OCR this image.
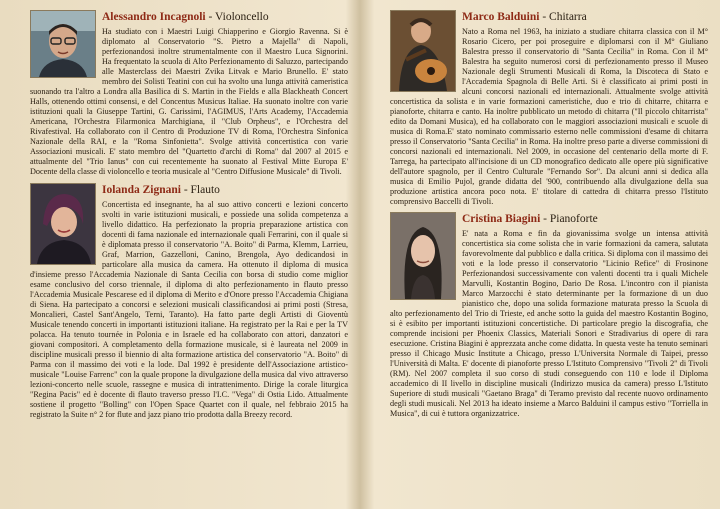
Alessandro Incagnoli - Violoncello

Ha studiato con i Maestri Luigi Chiapperino e Giorgio Ravenna. Si è diplomato al Conservatorio "S. Pietro a Majella" di Napoli, perfezionandosi inoltre strumentalmente con il Maestro Luca Signorini. Ha frequentato la scuola di Alto Perfezionamento di Saluzzo, partecipando alle Masterclass dei Maestri Zvika Litvak e Mario Brunello. E' stato membro dei Solisti Teatini con cui ha svolto una lunga attività cameristica suonando tra l'altro a Londra alla Basilica di S. Martin in the Fields e alla Blackheath Concert Halls, ottenendo ottimi consensi, e del Concentus Musicus Italiae. Ha suonato inoltre con varie istituzioni quali la Giuseppe Tartini, G. Carissimi, l'AGIMUS, l'Arts Academy, l'Accademia Americana, l'Orchestra Filarmonica Marchigiana, il "Club Orpheus", e l'Orchestra del Rivafestival. Ha collaborato con il Centro di Produzione TV di Roma, l'Orchestra Sinfonica Nazionale della RAI, e la "Roma Sinfonietta". Svolge attività concertistica con varie Associazioni musicali. E' stato membro del "Quartetto d'archi di Roma" dal 2007 al 2015 e attualmente del "Trio Ianus" con cui recentemente ha suonato al Festival Mitte Europa E' Docente della classe di violoncello e teoria musicale al "Centro Diffusione Musicale" di Tivoli.

Iolanda Zignani - Flauto

Concertista ed insegnante, ha al suo attivo concerti e lezioni concerto svolti in varie istituzioni musicali, e possiede una solida competenza a livello didattico. Ha perfezionato la propria preparazione artistica con docenti di fama nazionale ed internazionale quali Ferrarini, con il quale si è diplomata presso il conservatorio "A. Boito" di Parma, Klemm, Larrieu, Graf, Marrion, Gazzelloni, Canino, Brengola, Ayo dedicandosi in particolare alla musica da camera. Ha ottenuto il diploma di musica d'insieme presso l'Accademia Nazionale di Santa Cecilia con borsa di studio come miglior esame conclusivo del corso triennale, il diploma di alto perfezionamento in flauto presso l'Accademia Musicale Pescarese ed il diploma di Merito e d'Onore presso l'Accademia Chigiana di Siena. Ha partecipato a concorsi e selezioni musicali classificandosi ai primi posti (Stresa, Moncalieri, Castel Sant'Angelo, Terni, Taranto). Ha fatto parte degli Artisti di Gioventù Musicale tenendo concerti in importanti istituzioni italiane. Ha registrato per la Rai e per la TV polacca. Ha tenuto tournée in Polonia e in Israele ed ha collaborato con attori, danzatori e giovani compositori. A completamento della formazione musicale, si è laureata nel 2009 in discipline musicali presso il biennio di alta formazione artistica del conservatorio "A. Boito" di Parma con il massimo dei voti e la lode. Dal 1992 è presidente dell'Associazione artistico-musicale "Louise Farrenc" con la quale propone la divulgazione della musica dal vivo attraverso lezioni-concerto nelle scuole, rassegne e musica di intrattenimento. Dirige la corale liturgica "Regina Pacis" ed è docente di flauto traverso presso l'I.C. "Vega" di Ostia Lido. Attualmente sostiene il progetto "Bolling" con l'Open Space Quartet con il quale, nel febbraio 2015 ha registrato la Suite n° 2 for flute and jazz piano trio prodotta dalla Breezy record.

Marco Balduini - Chitarra

Nato a Roma nel 1963, ha iniziato a studiare chitarra classica con il M° Rosario Cicero, per poi proseguire e diplomarsi con il M° Giuliano Balestra presso il conservatorio di "Santa Cecilia" in Roma. Con il M° Balestra ha seguito numerosi corsi di perfezionamento presso il Museo Nazionale degli Strumenti Musicali di Roma, la Discoteca di Stato e l'Accademia Spagnola di Belle Arti. Si è classificato ai primi posti in alcuni concorsi nazionali ed internazionali. Attualmente svolge attività concertistica da solista e in varie formazioni cameristiche, duo e trio di chitarre, chitarra e pianoforte, chitarra e canto. Ha inoltre pubblicato un metodo di chitarra ("Il piccolo chitarrista" edito da Domani Musica), ed ha collaborato con le maggiori associazioni musicali e scuole di musica di Roma.E' stato nominato commissario esterno nelle commissioni d'esame di chitarra presso il Conservatorio "Santa Cecilia" in Roma. Ha inoltre preso parte a diverse commissioni di concorsi nazionali ed internazionali. Nel 2009, in occasione del centenario della morte di F. Tarrega, ha partecipato all'incisione di un CD monografico dedicato alle opere più significative dell'autore spagnolo, per il Centro Culturale "Fernando Sor". Da alcuni anni si dedica alla musica di Emilio Pujol, grande didatta del '900, contribuendo alla divulgazione della sua produzione artistica ancora poco nota. E' titolare di cattedra di chitarra presso l'Istituto comprensivo Baccelli di Tivoli.

Cristina Biagini - Pianoforte

E' nata a Roma e fin da giovanissima svolge un intensa attività concertistica sia come solista che in varie formazioni da camera, salutata favorevolmente dal pubblico e dalla critica. Si diploma con il massimo dei voti e la lode presso il conservatorio "Licinio Refice" di Frosinone Perfezionandosi successivamente con valenti docenti tra i quali Michele Marvulli, Kostantin Bogino, Dario De Rosa. L'incontro con il pianista Marco Marzocchi è stato determinante per la formazione di un duo pianistico che, dopo una solida formazione maturata presso la Scuola di alto perfezionamento del Trio di Trieste, ed anche sotto la guida del maestro Kostantin Bogino, si è esibito per importanti istituzioni concertistiche. Di particolare pregio la discografia, che comprende incisioni per Phoenix Classics, Materiali Sonori e Stradivarius di opere di rara esecuzione. Cristina Biagini è apprezzata anche come didatta. In questa veste ha tenuto seminari presso il Chicago Music Institute a Chicago, presso L'Universita Normale di Taipei, presso l'Università di Malta. E' docente di pianoforte presso L'Istituto Comprensivo "Tivoli 2" di Tivoli (RM). Nel 2007 completa il suo corso di studi conseguendo con 110 e lode il Diploma accademico di II livello in discipline musicali (Indirizzo musica da camera) presso L'Istituto Superiore di studi musicali "Gaetano Braga" di Teramo previsto dal recente nuovo ordinamento degli studi musicali. Nel 2013 ha ideato insieme a Marco Balduini il campus estivo "Torriella in Musica", di cui è tuttora organizzatrice.
